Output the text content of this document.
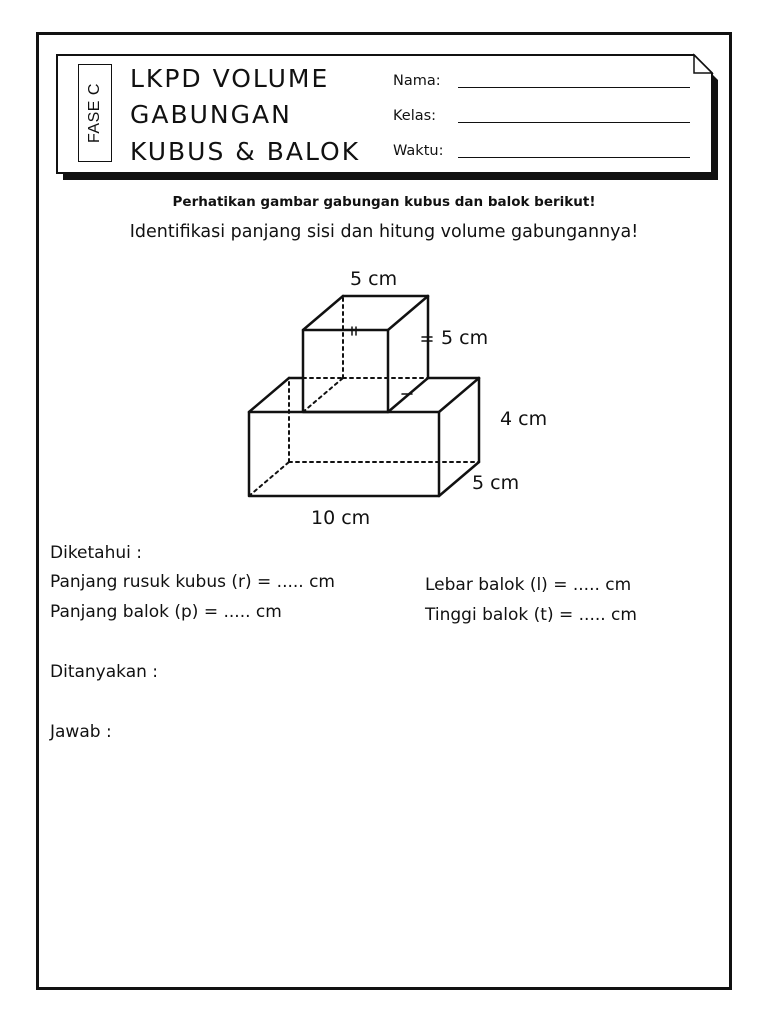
FASE C
LKPD VOLUME
GABUNGAN
KUBUS & BALOK
Nama:
Kelas:
Waktu:
Perhatikan gambar gabungan kubus dan balok berikut!
Identifikasi panjang sisi dan hitung volume gabungannya!
5 cm
5 cm
4 cm
5 cm
10 cm
Diketahui :
Panjang rusuk kubus (r) = ..... cm
Panjang balok (p) = ..... cm
Lebar balok (l) = ..... cm
Tinggi balok (t) = ..... cm
Ditanyakan :
Jawab :
